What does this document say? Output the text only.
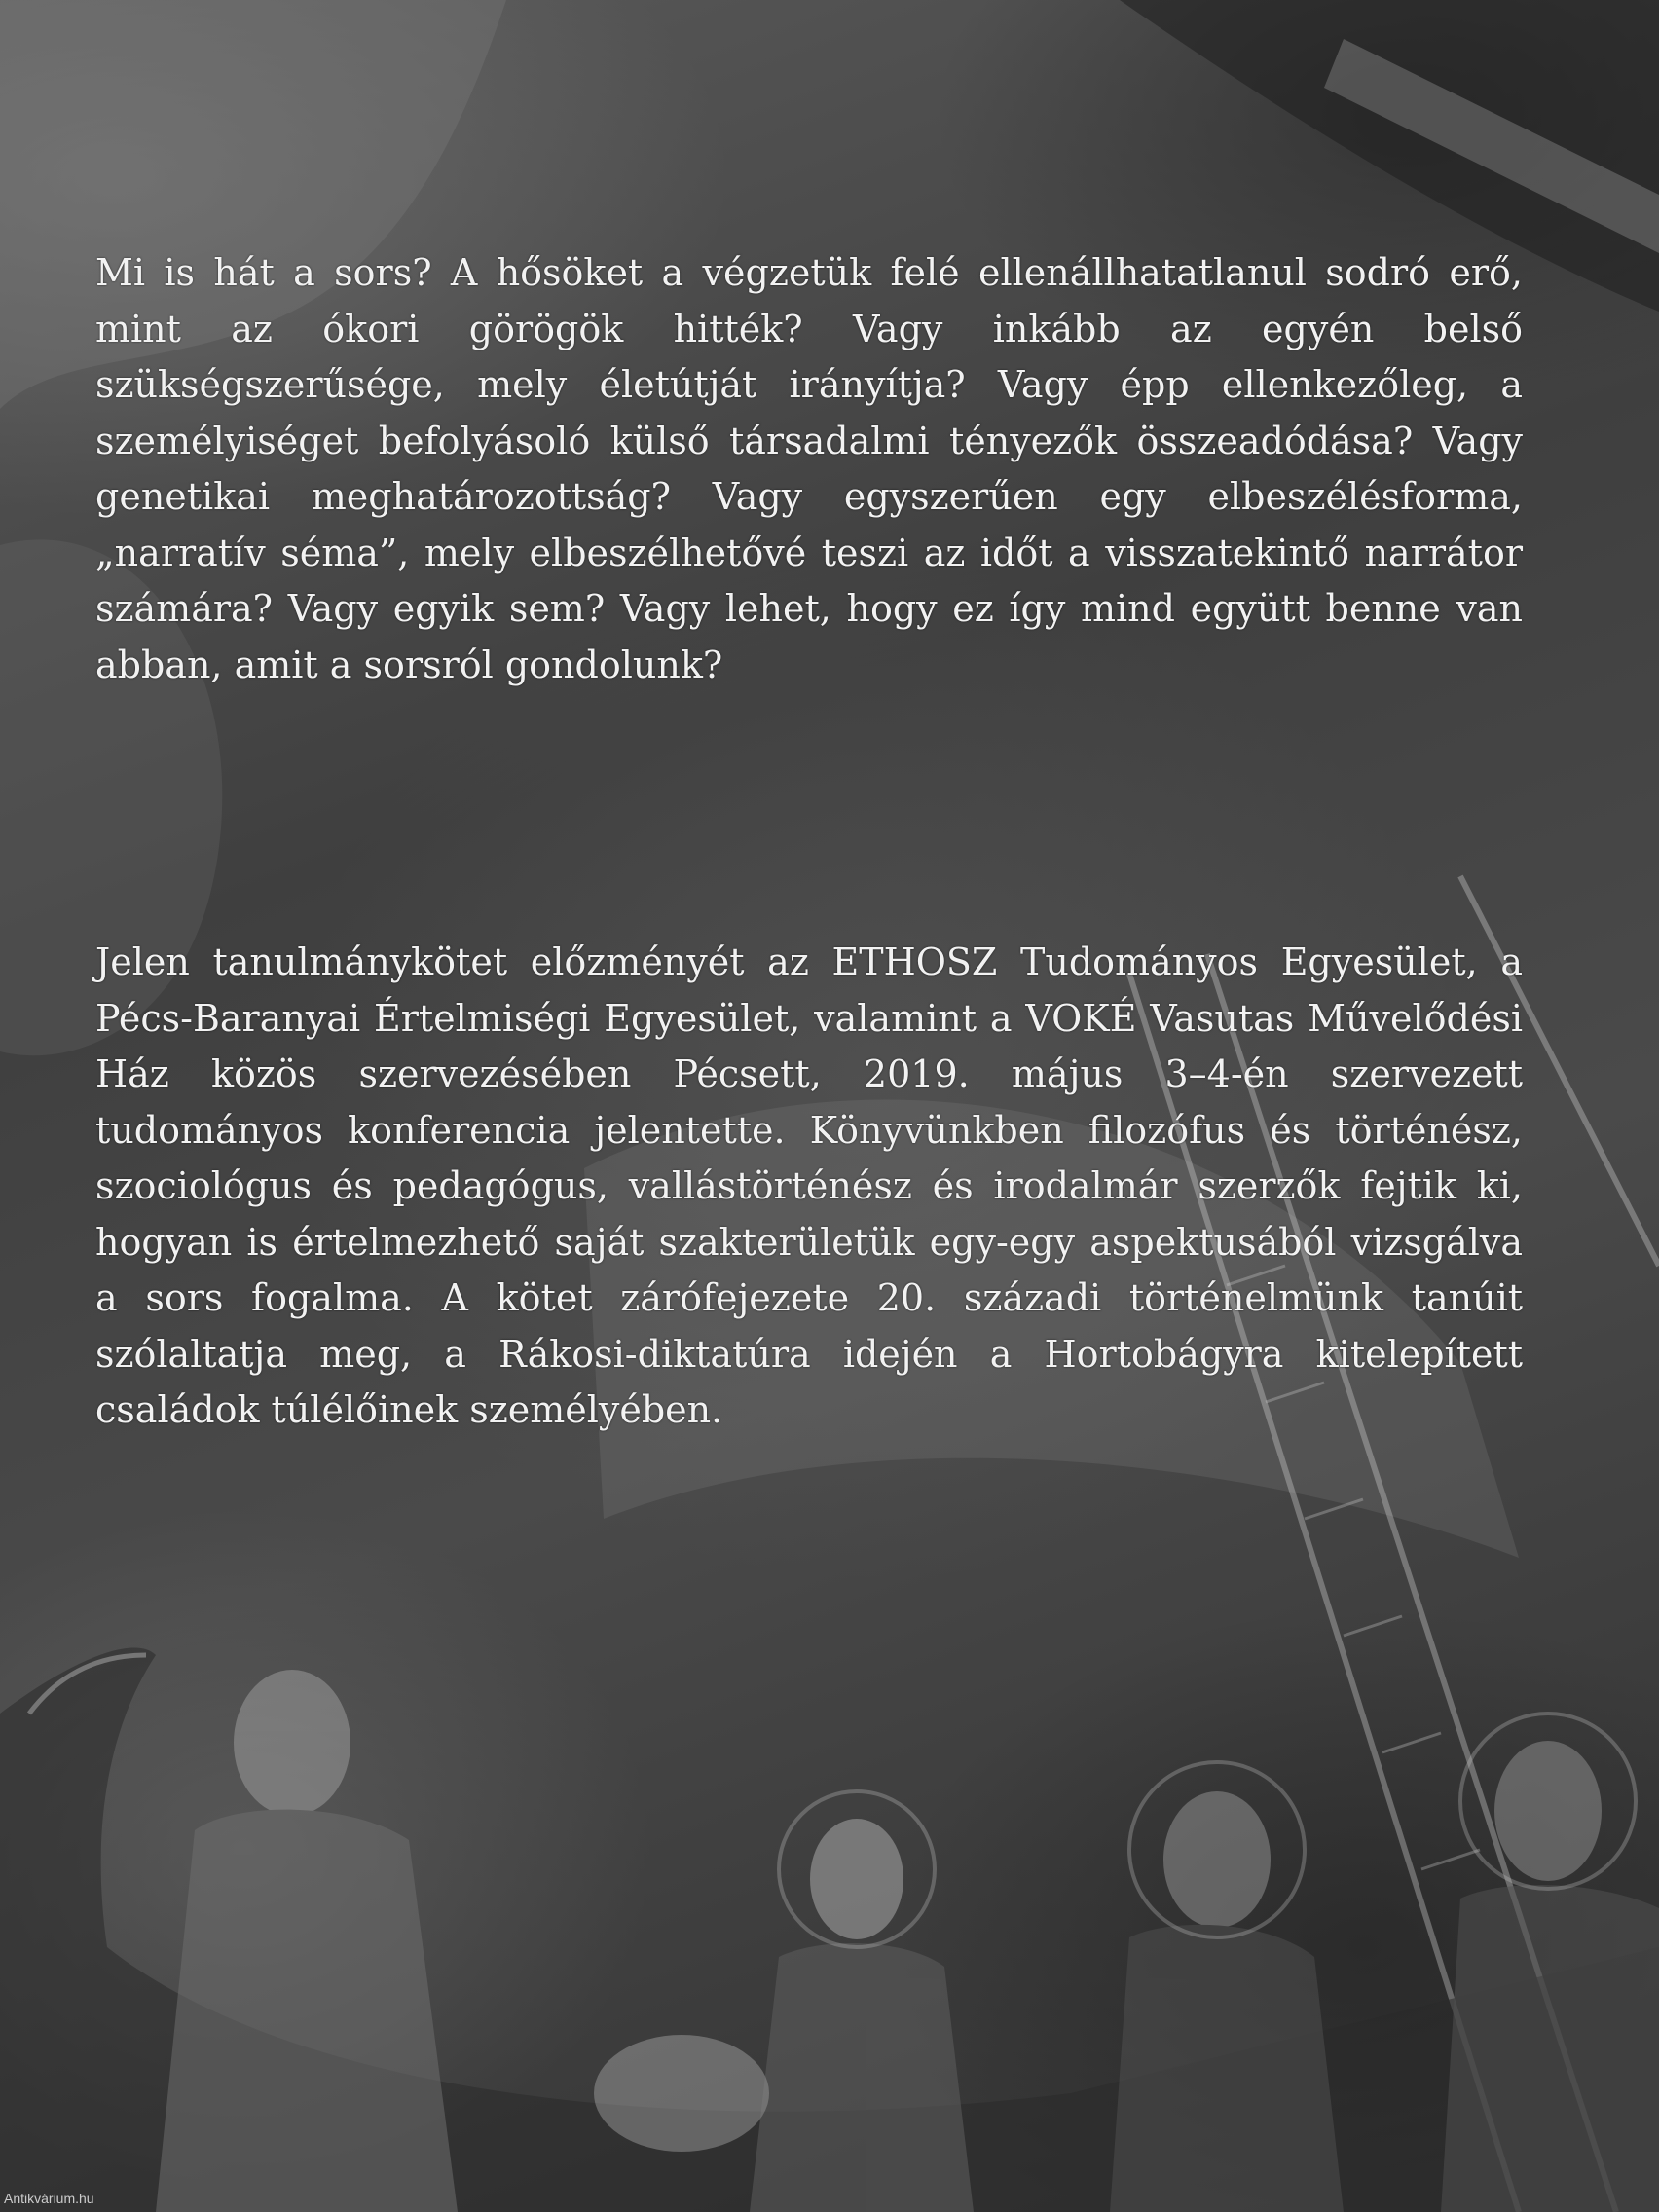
Mi is hát a sors? A hősöket a végzetük felé ellenállhatatlanul sodró erő, mint az ókori görögök hitték? Vagy inkább az egyén belső szükségszerűsége, mely életútját irányítja? Vagy épp ellenkezőleg, a személyiséget befolyásoló külső társadalmi tényezők összeadódása? Vagy genetikai meghatározottság? Vagy egyszerűen egy elbeszélésforma, „narratív séma”, mely elbeszélhetővé teszi az időt a visszatekintő narrátor számára? Vagy egyik sem? Vagy lehet, hogy ez így mind együtt benne van abban, amit a sorsról gondolunk?

Jelen tanulmánykötet előzményét az ETHOSZ Tudományos Egyesület, a Pécs-Baranyai Értelmiségi Egyesület, valamint a VOKÉ Vasutas Művelődési Ház közös szervezésében Pécsett, 2019. május 3–4-én szervezett tudományos konferencia jelentette. Könyvünkben filozófus és történész, szociológus és pedagógus, vallástörténész és irodalmár szerzők fejtik ki, hogyan is értelmezhető saját szakterületük egy-egy aspektusából vizsgálva a sors fogalma. A kötet zárófejezete 20. századi történelmünk tanúit szólaltatja meg, a Rákosi-diktatúra idején a Hortobágyra kitelepített családok túlélőinek személyében.

Antikvárium.hu
